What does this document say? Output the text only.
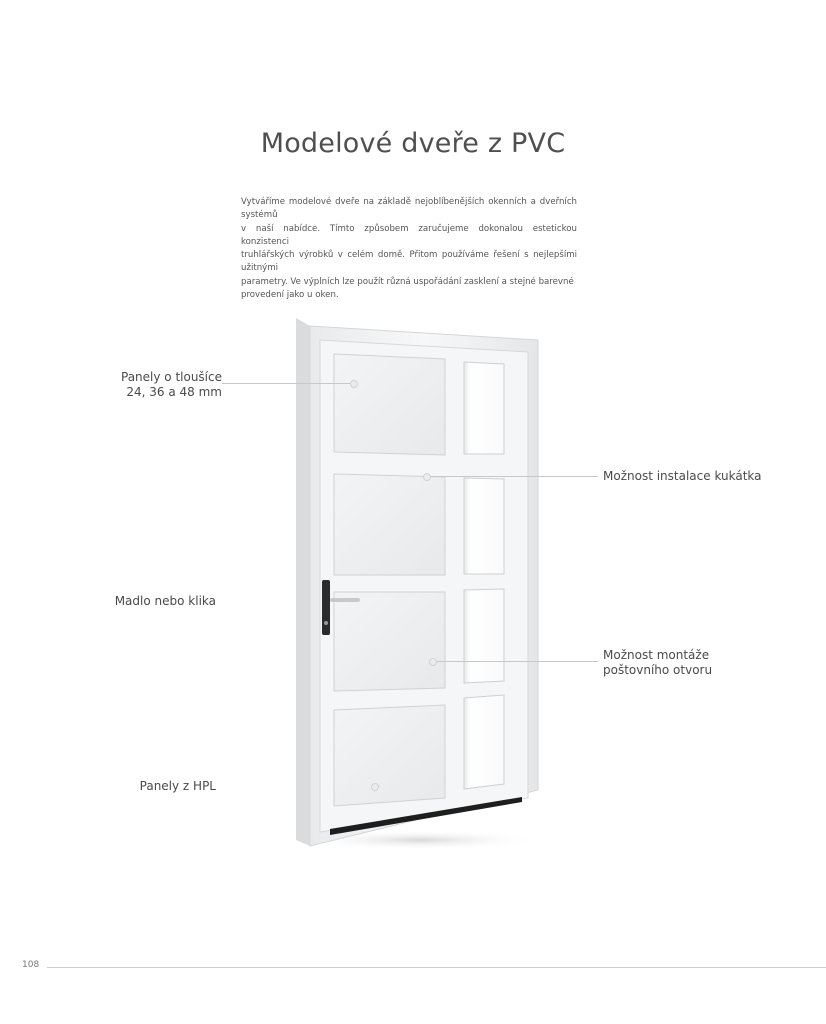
Modelové dveře z PVC
Vytváříme modelové dveře na základě nejoblíbenějších okenních a dveřních systémů
v naší nabídce. Tímto způsobem zaručujeme dokonalou estetickou konzistenci
truhlářských výrobků v celém domě. Přitom používáme řešení s nejlepšími užitnými
parametry. Ve výplních lze použít různá uspořádání zasklení a stejné barevné
provedení jako u oken.
Panely o tloušíce
24, 36 a 48 mm
Možnost instalace kukátka
Madlo nebo klika
Možnost montáže
poštovního otvoru
Panely z HPL
108
